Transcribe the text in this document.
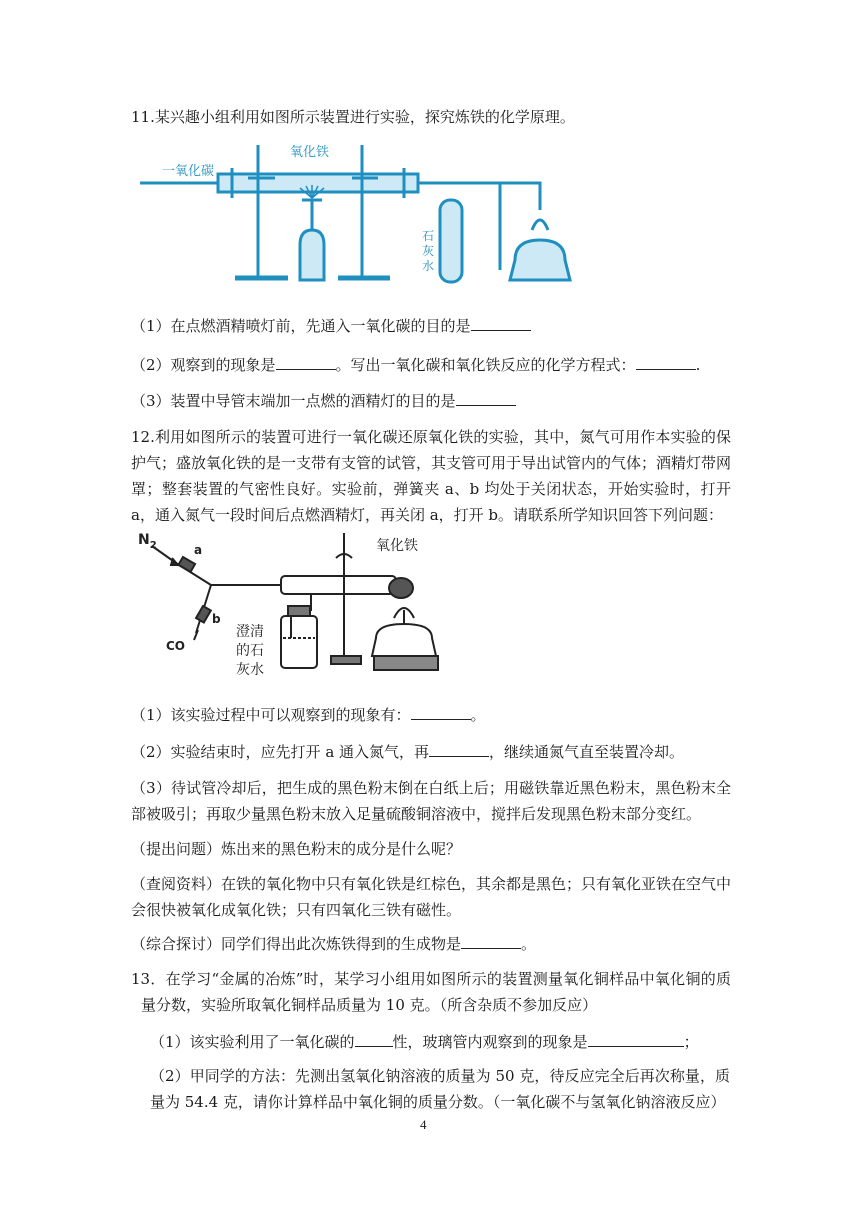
11.某兴趣小组利用如图所示装置进行实验，探究炼铁的化学原理。
一氧化碳
氧化铁
石
灰
水
（1）在点燃酒精喷灯前，先通入一氧化碳的目的是
（2）观察到的现象是	。写出一氧化碳和氧化铁反应的化学方程式：	.
（3）装置中导管末端加一点燃的酒精灯的目的是
12.利用如图所示的装置可进行一氧化碳还原氧化铁的实验，其中，氮气可用作本实验的保护气；盛放氧化铁的是一支带有支管的试管，其支管可用于导出试管内的气体；酒精灯带网罩；整套装置的气密性良好。实验前，弹簧夹 a、b 均处于关闭状态，开始实验时，打开 a，通入氮气一段时间后点燃酒精灯，再关闭 a，打开 b。请联系所学知识回答下列问题：
$N_2$	a
b
CO
氧化铁
澄清
的石
灰水
（1）该实验过程中可以观察到的现象有：	。
（2）实验结束时，应先打开 a 通入氮气，再	，继续通氮气直至装置冷却。
（3）待试管冷却后，把生成的黑色粉末倒在白纸上后；用磁铁靠近黑色粉末，黑色粉末全部被吸引；再取少量黑色粉末放入足量硫酸铜溶液中，搅拌后发现黑色粉末部分变红。
（提出问题）炼出来的黑色粉末的成分是什么呢？
（查阅资料）在铁的氧化物中只有氧化铁是红棕色，其余都是黑色；只有氧化亚铁在空气中会很快被氧化成氧化铁；只有四氧化三铁有磁性。
（综合探讨）同学们得出此次炼铁得到的生成物是	。
13．在学习“金属的冶炼”时，某学习小组用如图所示的装置测量氧化铜样品中氧化铜的质量分数，实验所取氧化铜样品质量为 10 克。（所含杂质不参加反应）
（1）该实验利用了一氧化碳的	性，玻璃管内观察到的现象是	；
（2）甲同学的方法：先测出氢氧化钠溶液的质量为 50 克，待反应完全后再次称量，质量为 54.4 克，请你计算样品中氧化铜的质量分数。（一氧化碳不与氢氧化钠溶液反应）
4
